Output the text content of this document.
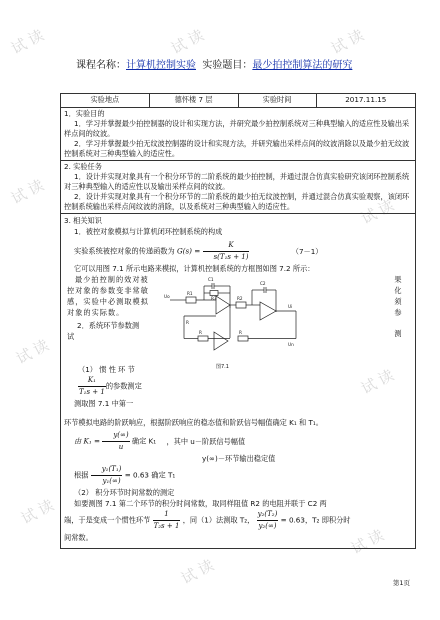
试读	试读	试读
试读
试读
试读
试读
试读
试读
试读
课程名称：计算机控制实验 实验题目：最少拍控制算法的研究
实验地点	德怀楼 7 层	实验时间	2017.11.15

1．实验目的
1．学习并掌握最少拍控制器的设计和实现方法，并研究最少拍控制系统对三种典型输入的适应性及输出采样点间的纹波。
2．学习并掌握最少拍无纹波控制器的设计和实现方法，并研究输出采样点间的纹波消除以及最少拍无纹波控制系统对三种典型输入的适应性。

2. 实验任务
1．设计并实现对象具有一个积分环节的二阶系统的最少拍控制，并通过混合仿真实验研究该闭环控制系统对三种典型输入的适应性以及输出采样点间的纹波。
2．设计并实现对象具有一个积分环节的二阶系统的最少拍无纹波控制，并通过混合仿真实验观察，该闭环控制系统输出采样点间纹波的消除，以及系统对三种典型输入的适应性。

3. 相关知识
1．被控对象模拟与计算机闭环控制系统的构成
实验系统被控对象的传递函数为 $G(s) = \frac{K}{\text{s(T₁s + 1)}}$	（7－1）
它可以用图 7.1 所示电路来模拟，计算机控制系统的方框图如图 7.2 所示：
最少拍控制的效对被控对象的参数变非常敏感，实验中必测取模拟对象的实际数。
2．系统环节参数测
试
果
化
须
参
测
C1
R3
R1
R2
C2
R	R
R
Uo
Ui
Un
图7.1
（1） 惯 性 环 节
$\frac{\text{K₁}}{\text{T₁s + 1}}$ 的参数测定
测取图 7.1 中第一
环节模拟电路的阶跃响应，根据阶跃响应的稳态值和阶跃信号幅值确定 K₁ 和 T₁。
由 $K_1 = \frac{y(\infty)}{u}$ 确定 K₁ ，其中 u－阶跃信号幅值
y(∞)－环节输出稳定值
根据 $\frac{\text{y₁(T₁)}}{\text{y₁(∞)}} = 0.63$ 确定 T₁
（2） 积分环节时间常数的测定
如要测图 7.1 第二个环节的积分时间常数，取同样阻值 R2 的电阻并联于 C2 两
端，于是变成一个惯性环节 $\frac{1}{\text{T₂s + 1}}$ ，同（1）法测取 T₂， $\frac{\text{y₂(T₂)}}{\text{y₂(∞)}} = 0.63$，T₂ 即积分时
间常数。
第1页
